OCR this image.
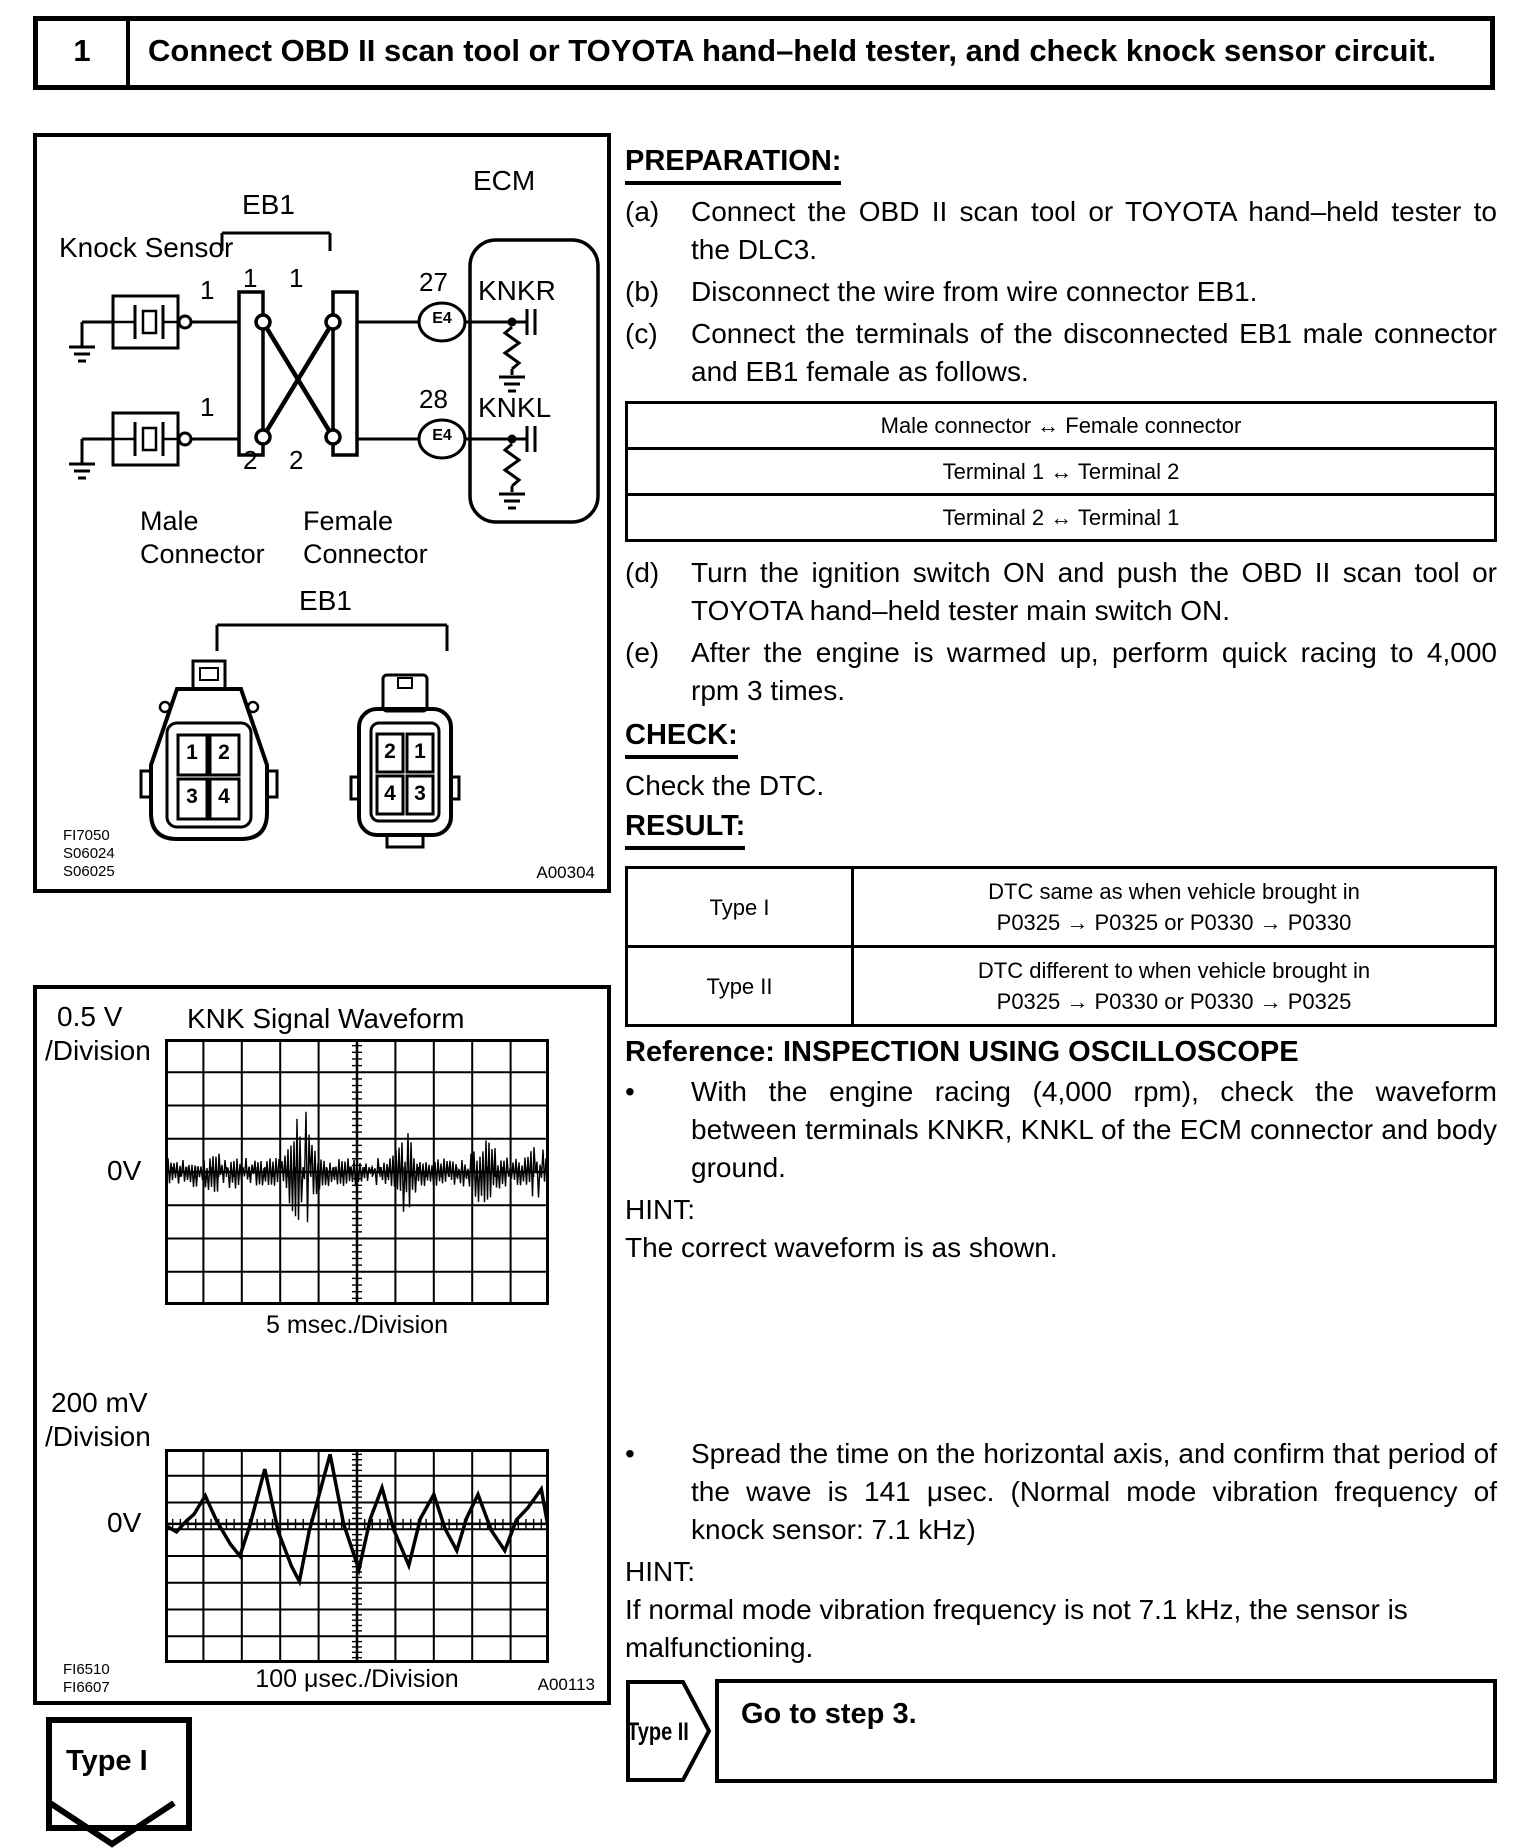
1	Connect OBD II scan tool or TOYOTA hand–held tester, and check knock sensor circuit.
Knock Sensor
EB1
ECM
27
28
E4
E4
KNKR
KNKL
1
1
1 1
2 2
Male Connector
Female Connector
EB1
1 2
3 4
2 1
4 3
FI7050
S06024
S06025	A00304
0.5 V
/Division
KNK Signal Waveform
0V
5 msec./Division
200 mV
/Division
0V
100 μsec./Division
FI6510
FI6607	A00113
PREPARATION:
(a)	Connect the OBD II scan tool or TOYOTA hand–held tester to the DLC3.
(b)	Disconnect the wire from wire connector EB1.
(c)	Connect the terminals of the disconnected EB1 male connector and EB1 female as follows.
Male connector ↔ Female connector
Terminal 1 ↔ Terminal 2
Terminal 2 ↔ Terminal 1
(d)	Turn the ignition switch ON and push the OBD II scan tool or TOYOTA hand–held tester main switch ON.
(e)	After the engine is warmed up, perform quick racing to 4,000 rpm 3 times.
CHECK:
Check the DTC.
RESULT:
Type I	DTC same as when vehicle brought in
P0325 → P0325 or P0330 → P0330

Type II	DTC different to when vehicle brought in
P0325 → P0330 or P0330 → P0325
Reference: INSPECTION USING OSCILLOSCOPE
•	With the engine racing (4,000 rpm), check the waveform between terminals KNKR, KNKL of the ECM connector and body ground.
HINT:
The correct waveform is as shown.
•	Spread the time on the horizontal axis, and confirm that period of the wave is 141 μsec. (Normal mode vibration frequency of knock sensor: 7.1 kHz)
HINT:
If normal mode vibration frequency is not 7.1 kHz, the sensor is malfunctioning.
Type II
Go to step 3.
Type I
